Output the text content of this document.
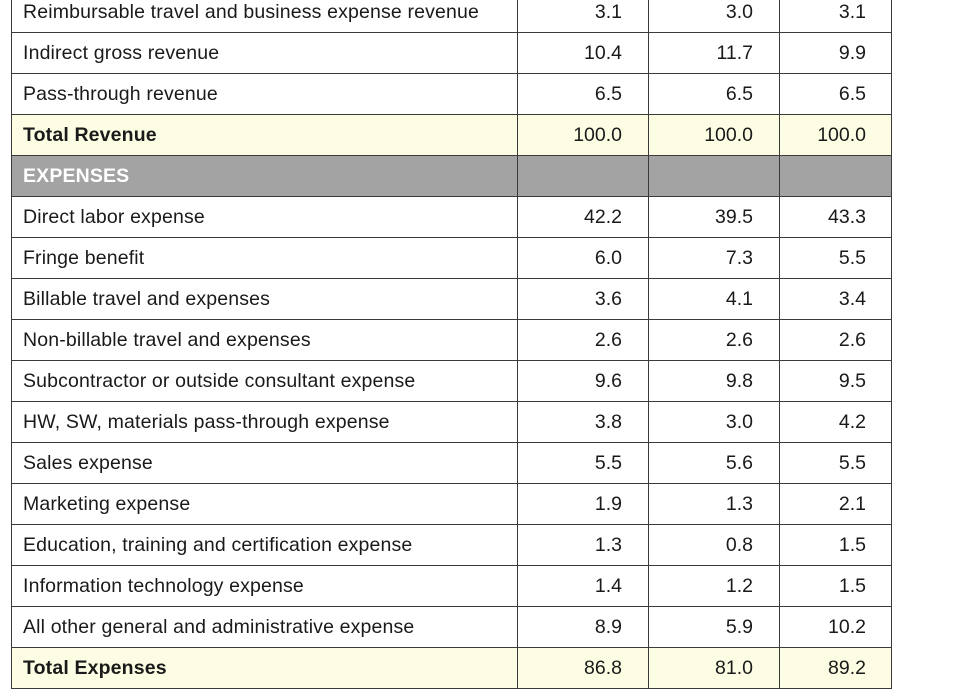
Reimbursable travel and business expense revenue	3.1	3.0	3.1
Indirect gross revenue	10.4	11.7	9.9
Pass-through revenue	6.5	6.5	6.5
Total Revenue	100.0	100.0	100.0
EXPENSES			
Direct labor expense	42.2	39.5	43.3
Fringe benefit	6.0	7.3	5.5
Billable travel and expenses	3.6	4.1	3.4
Non-billable travel and expenses	2.6	2.6	2.6
Subcontractor or outside consultant expense	9.6	9.8	9.5
HW, SW, materials pass-through expense	3.8	3.0	4.2
Sales expense	5.5	5.6	5.5
Marketing expense	1.9	1.3	2.1
Education, training and certification expense	1.3	0.8	1.5
Information technology expense	1.4	1.2	1.5
All other general and administrative expense	8.9	5.9	10.2
Total Expenses	86.8	81.0	89.2
